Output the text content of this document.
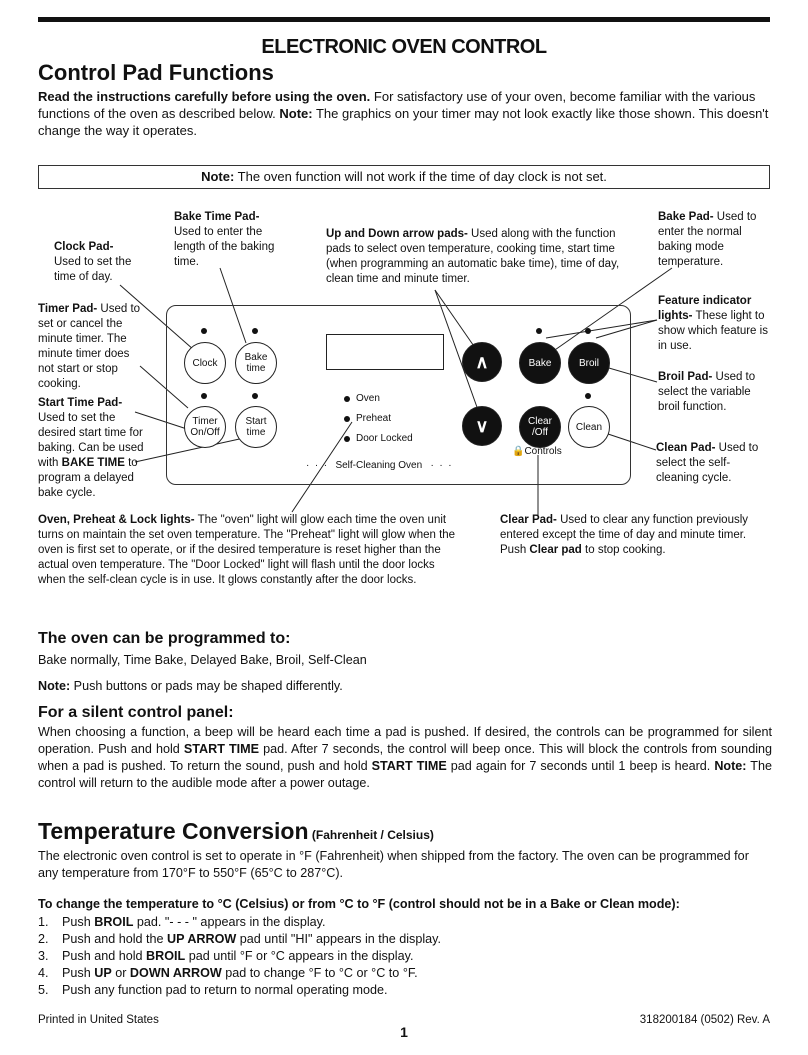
ELECTRONIC OVEN CONTROL
Control Pad Functions
Read the instructions carefully before using the oven. For satisfactory use of your oven, become familiar with the various functions of the oven as described below. Note: The graphics on your timer may not look exactly like those shown. This doesn't change the way it operates.
Note: The oven function will not work if the time of day clock is not set.
Clock Pad-
Used to set the time of day.
Bake Time Pad-
Used to enter the length of the baking time.
Up and Down arrow pads- Used along with the function pads to select oven temperature, cooking time, start time (when programming an automatic bake time), time of day, clean time and minute timer.
Bake Pad- Used to enter the normal baking mode temperature.
Timer Pad- Used to set or cancel the minute timer. The minute timer does not start or stop cooking.
Feature indicator lights- These light to show which feature is in use.
Start Time Pad-
Used to set the desired start time for baking. Can be used with BAKE TIME to program a delayed bake cycle.
Broil Pad- Used to select the variable broil function.
Clean Pad- Used to select the self-cleaning cycle.
Oven, Preheat & Lock lights- The "oven" light will glow each time the oven unit turns on maintain the set oven temperature. The "Preheat" light will glow when the oven is first set to operate, or if the desired temperature is reset higher than the actual oven temperature. The "Door Locked" light will flash until the door locks when the self-clean cycle is in use. It glows constantly after the door locks.
Clear Pad- Used to clear any function previously entered except the time of day and minute timer. Push Clear pad to stop cooking.
Clock	Bake
time
Timer
On/Off
Start
time
Oven
Preheat
Door Locked
·  ·  ·   Self-Cleaning Oven   ·  ·  ·
∧
∨
Bake	Broil
Clear
/Off	Clean
🔒Controls
The oven can be programmed to:
Bake normally, Time Bake, Delayed Bake, Broil, Self-Clean
Note: Push buttons or pads may be shaped differently.
For a silent control panel:
When choosing a function, a beep will be heard each time a pad is pushed. If desired, the controls can be programmed for silent operation. Push and hold START TIME pad. After 7 seconds, the control will beep once. This will block the controls from sounding when a pad is pushed. To return the sound, push and hold START TIME pad again for 7 seconds until 1 beep is heard. Note: The control will return to the audible mode after a power outage.
Temperature Conversion (Fahrenheit / Celsius)
The electronic oven control is set to operate in °F (Fahrenheit) when shipped from the factory. The oven can be programmed for any temperature from 170°F to 550°F (65°C to 287°C).
To change the temperature to °C (Celsius) or from °C to °F (control should not be in a Bake or Clean mode):
1. Push BROIL pad. "- - - " appears in the display.
2. Push and hold the UP ARROW pad until "HI" appears in the display.
3. Push and hold BROIL pad until °F or °C appears in the display.
4. Push UP or DOWN ARROW pad to change °F to °C or °C to °F.
5. Push any function pad to return to normal operating mode.
Printed in United States
1
318200184 (0502) Rev. A
